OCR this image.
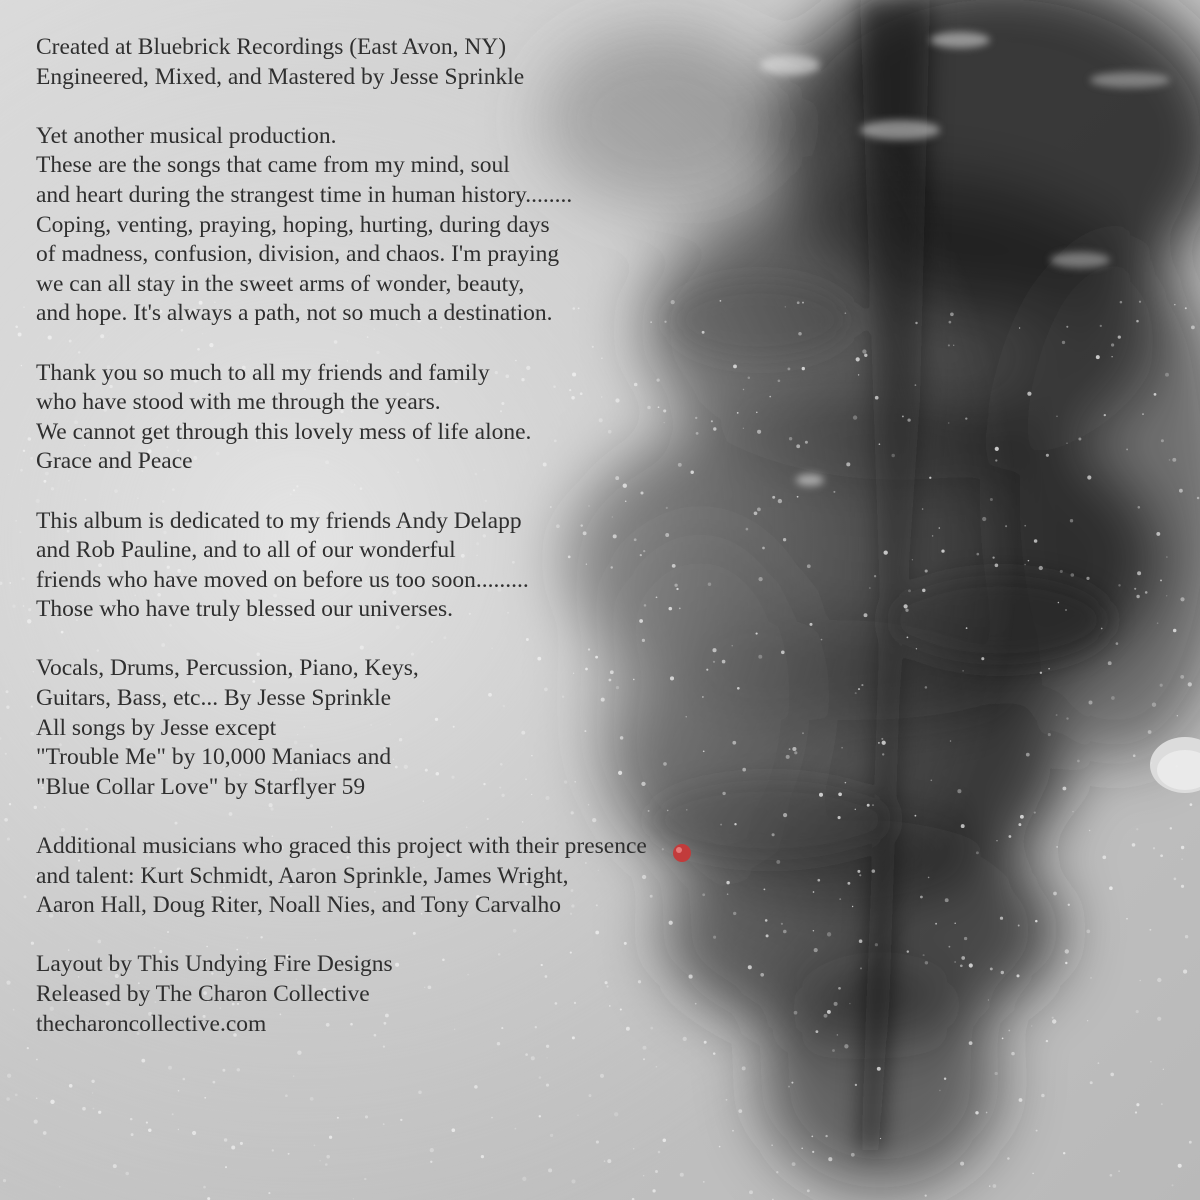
Created at Bluebrick Recordings (East Avon, NY)
Engineered, Mixed, and Mastered by Jesse Sprinkle
Yet another musical production.
These are the songs that came from my mind, soul
and heart during the strangest time in human history........
Coping, venting, praying, hoping, hurting, during days
of madness, confusion, division, and chaos. I'm praying
we can all stay in the sweet arms of wonder, beauty,
and hope. It's always a path, not so much a destination.
Thank you so much to all my friends and family
who have stood with me through the years.
We cannot get through this lovely mess of life alone.
Grace and Peace
This album is dedicated to my friends Andy Delapp
and Rob Pauline, and to all of our wonderful
friends who have moved on before us too soon.........
Those who have truly blessed our universes.
Vocals, Drums, Percussion, Piano, Keys,
Guitars, Bass, etc... By Jesse Sprinkle
All songs by Jesse except
"Trouble Me" by 10,000 Maniacs and
"Blue Collar Love" by Starflyer 59
Additional musicians who graced this project with their presence
and talent: Kurt Schmidt, Aaron Sprinkle, James Wright,
Aaron Hall, Doug Riter, Noall Nies, and Tony Carvalho
Layout by This Undying Fire Designs
Released by The Charon Collective
thecharoncollective.com
